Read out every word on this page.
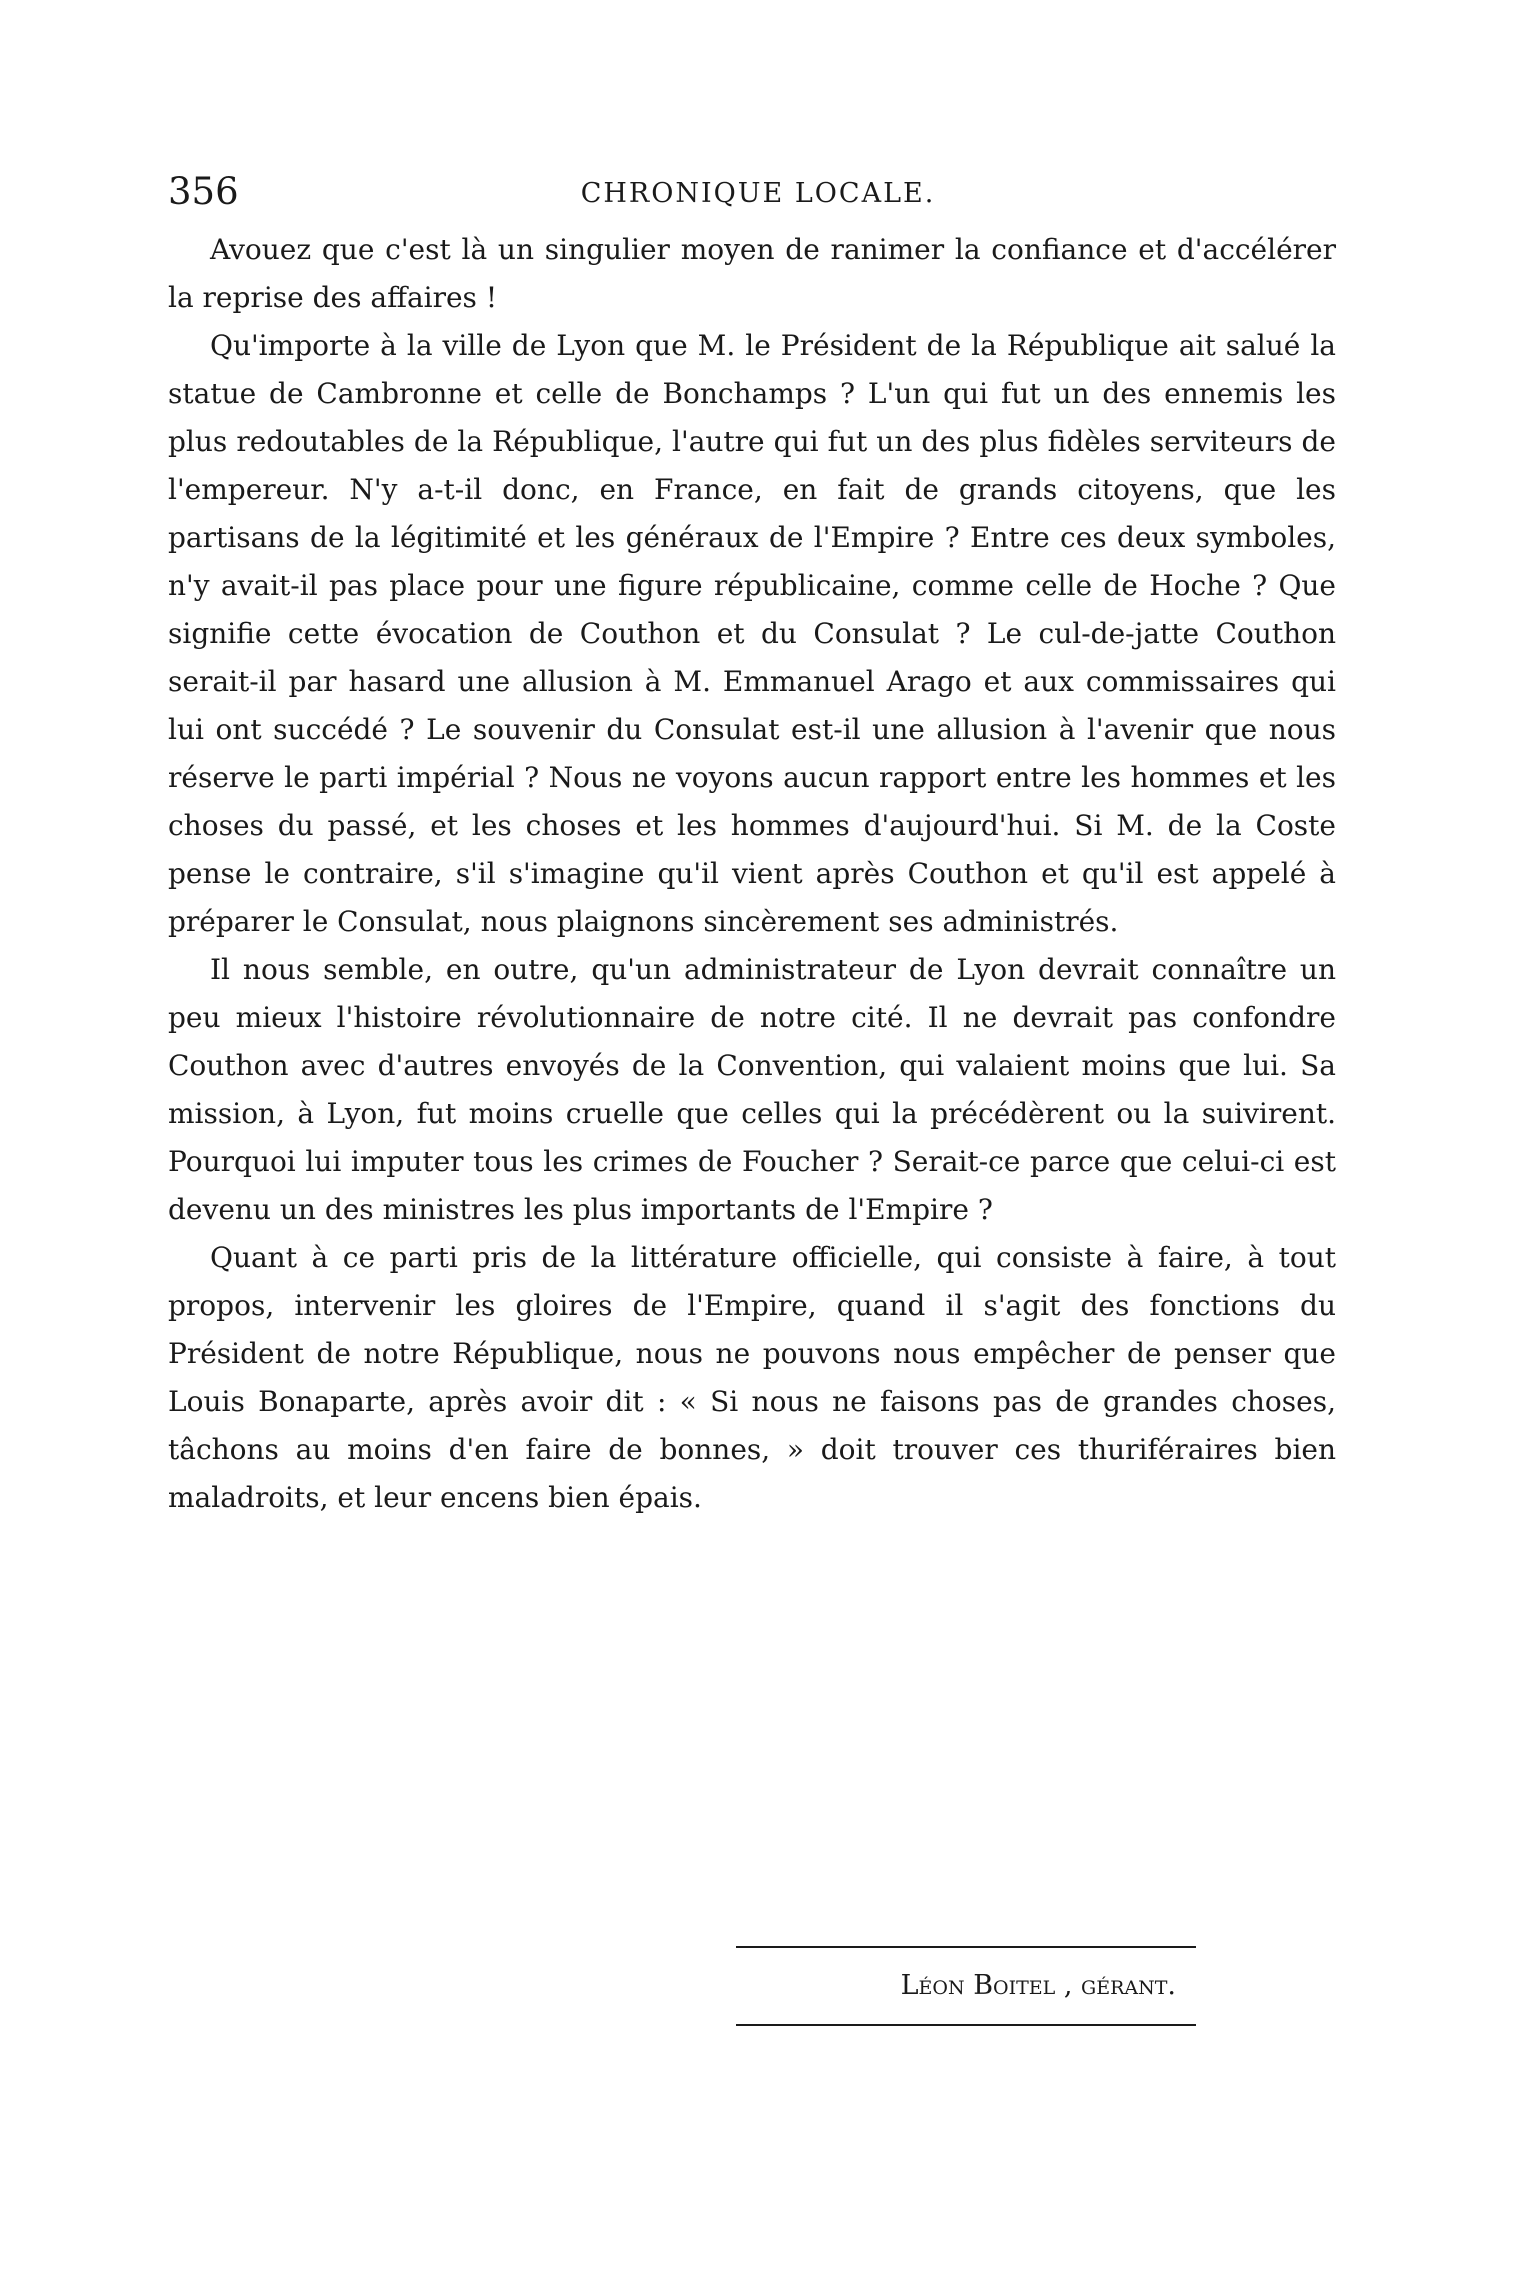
356	CHRONIQUE LOCALE.

Avouez que c'est là un singulier moyen de ranimer la confiance et d'accélérer la reprise des affaires !

Qu'importe à la ville de Lyon que M. le Président de la République ait salué la statue de Cambronne et celle de Bonchamps ? L'un qui fut un des ennemis les plus redoutables de la République, l'autre qui fut un des plus fidèles serviteurs de l'empereur. N'y a-t-il donc, en France, en fait de grands citoyens, que les partisans de la légitimité et les généraux de l'Empire ? Entre ces deux symboles, n'y avait-il pas place pour une figure républicaine, comme celle de Hoche ? Que signifie cette évocation de Couthon et du Consulat ? Le cul-de-jatte Couthon serait-il par hasard une allusion à M. Emmanuel Arago et aux commissaires qui lui ont succédé ? Le souvenir du Consulat est-il une allusion à l'avenir que nous réserve le parti impérial ? Nous ne voyons aucun rapport entre les hommes et les choses du passé, et les choses et les hommes d'aujourd'hui. Si M. de la Coste pense le contraire, s'il s'imagine qu'il vient après Couthon et qu'il est appelé à préparer le Consulat, nous plaignons sincèrement ses administrés.

Il nous semble, en outre, qu'un administrateur de Lyon devrait connaître un peu mieux l'histoire révolutionnaire de notre cité. Il ne devrait pas confondre Couthon avec d'autres envoyés de la Convention, qui valaient moins que lui. Sa mission, à Lyon, fut moins cruelle que celles qui la précédèrent ou la suivirent. Pourquoi lui imputer tous les crimes de Foucher ? Serait-ce parce que celui-ci est devenu un des ministres les plus importants de l'Empire ?

Quant à ce parti pris de la littérature officielle, qui consiste à faire, à tout propos, intervenir les gloires de l'Empire, quand il s'agit des fonctions du Président de notre République, nous ne pouvons nous empêcher de penser que Louis Bonaparte, après avoir dit : « Si nous ne faisons pas de grandes choses, tâchons au moins d'en faire de bonnes, » doit trouver ces thuriféraires bien maladroits, et leur encens bien épais.

Léon Boitel , gérant.
